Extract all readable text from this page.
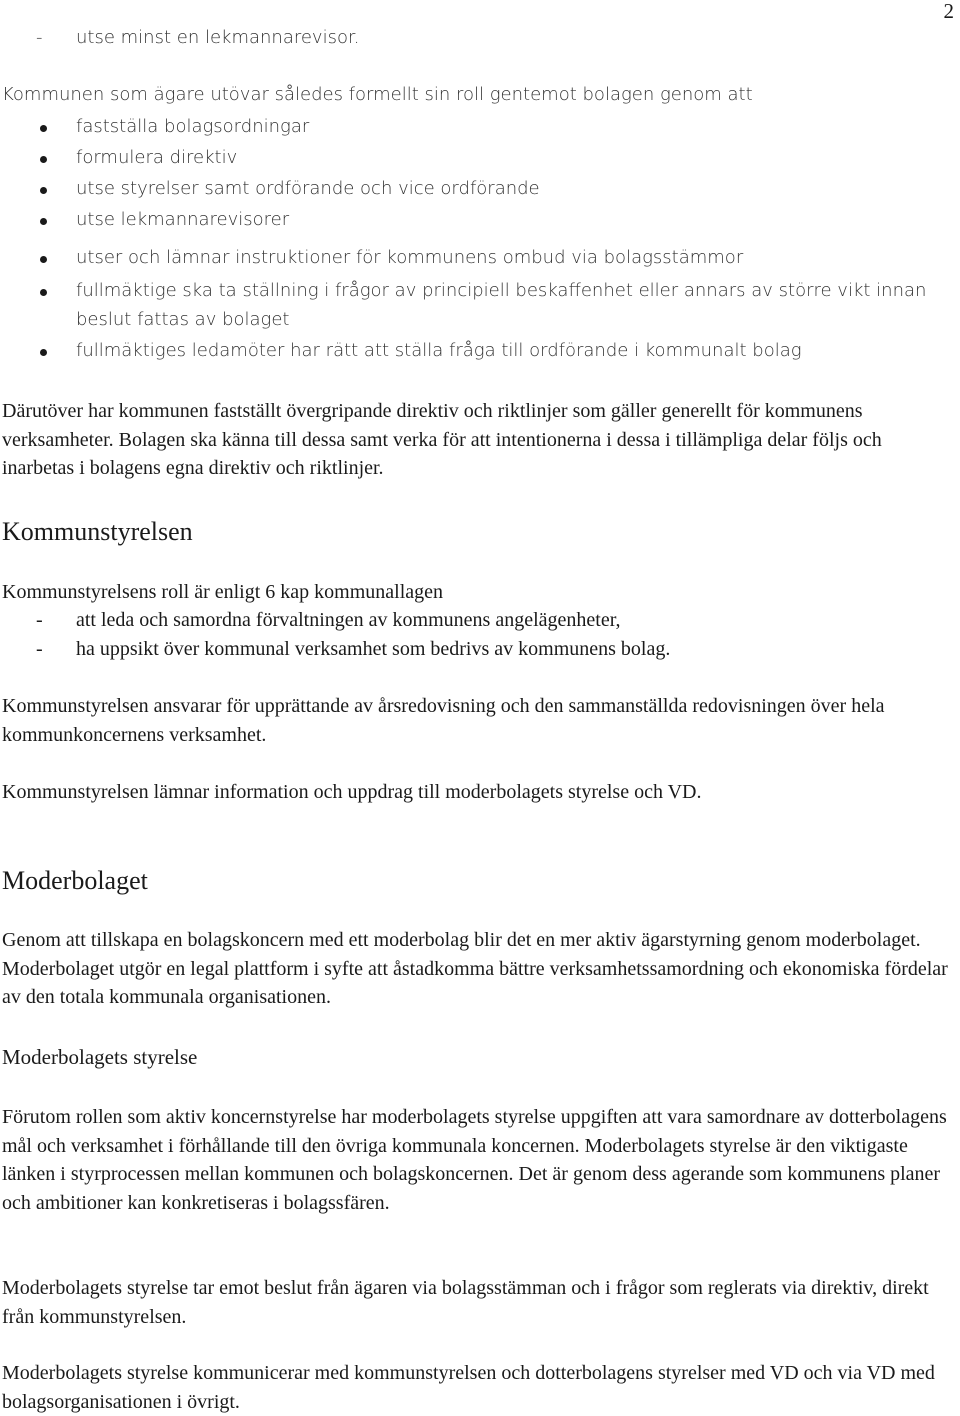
2
- utse minst en lekmannarevisor.
Kommunen som ägare utövar således formellt sin roll gentemot bolagen genom att
fastställa bolagsordningar
formulera direktiv
utse styrelser samt ordförande och vice ordförande
utse lekmannarevisorer
utser och lämnar instruktioner för kommunens ombud via bolagsstämmor
fullmäktige ska ta ställning i frågor av principiell beskaffenhet eller annars av större vikt innan beslut fattas av bolaget
fullmäktiges ledamöter har rätt att ställa fråga till ordförande i kommunalt bolag

Därutöver har kommunen fastställt övergripande direktiv och riktlinjer som gäller generellt för kommunens verksamheter. Bolagen ska känna till dessa samt verka för att intentionerna i dessa i tillämpliga delar följs och inarbetas i bolagens egna direktiv och riktlinjer.

Kommunstyrelsen
Kommunstyrelsens roll är enligt 6 kap kommunallagen
- att leda och samordna förvaltningen av kommunens angelägenheter,
- ha uppsikt över kommunal verksamhet som bedrivs av kommunens bolag.

Kommunstyrelsen ansvarar för upprättande av årsredovisning och den sammanställda redovisningen över hela kommunkoncernens verksamhet.

Kommunstyrelsen lämnar information och uppdrag till moderbolagets styrelse och VD.

Moderbolaget

Genom att tillskapa en bolagskoncern med ett moderbolag blir det en mer aktiv ägarstyrning genom moderbolaget. Moderbolaget utgör en legal plattform i syfte att åstadkomma bättre verksamhetssamordning och ekonomiska fördelar av den totala kommunala organisationen.

Moderbolagets styrelse

Förutom rollen som aktiv koncernstyrelse har moderbolagets styrelse uppgiften att vara samordnare av dotterbolagens mål och verksamhet i förhållande till den övriga kommunala koncernen. Moderbolagets styrelse är den viktigaste länken i styrprocessen mellan kommunen och bolagskoncernen. Det är genom dess agerande som kommunens planer och ambitioner kan konkretiseras i bolagssfären.

Moderbolagets styrelse tar emot beslut från ägaren via bolagsstämman och i frågor som reglerats via direktiv, direkt från kommunstyrelsen.

Moderbolagets styrelse kommunicerar med kommunstyrelsen och dotterbolagens styrelser med VD och via VD med bolagsorganisationen i övrigt.
